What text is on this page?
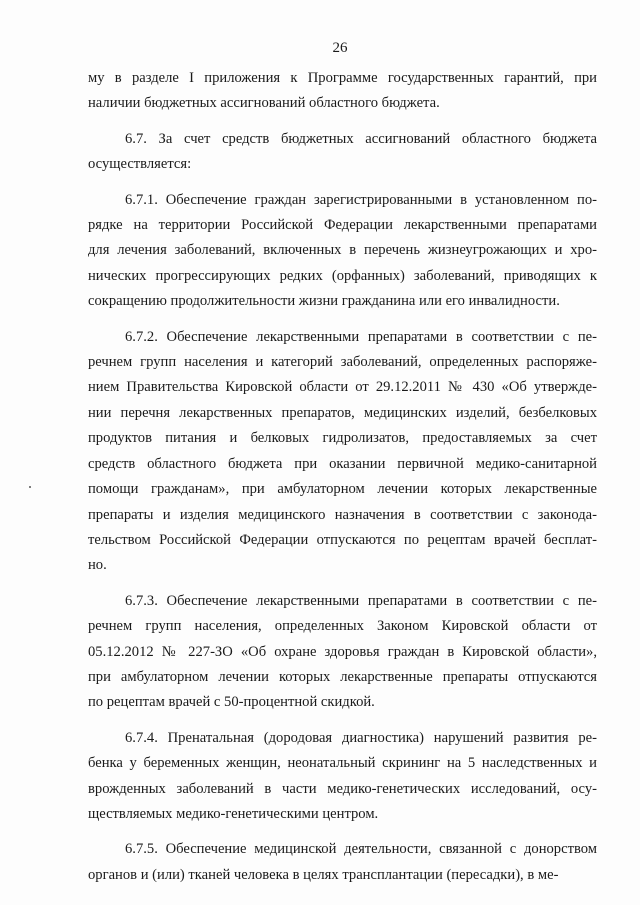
26

му в разделе I приложения к Программе государственных гарантий, при
наличии бюджетных ассигнований областного бюджета.

6.7. За счет средств бюджетных ассигнований областного бюджета
осуществляется:

6.7.1. Обеспечение граждан зарегистрированными в установленном по-
рядке на территории Российской Федерации лекарственными препаратами
для лечения заболеваний, включенных в перечень жизнеугрожающих и хро-
нических прогрессирующих редких (орфанных) заболеваний, приводящих к
сокращению продолжительности жизни гражданина или его инвалидности.

6.7.2. Обеспечение лекарственными препаратами в соответствии с пе-
речнем групп населения и категорий заболеваний, определенных распоряже-
нием Правительства Кировской области от 29.12.2011 № 430 «Об утвержде-
нии перечня лекарственных препаратов, медицинских изделий, безбелковых
продуктов питания и белковых гидролизатов, предоставляемых за счет
средств областного бюджета при оказании первичной медико-санитарной
помощи гражданам», при амбулаторном лечении которых лекарственные
препараты и изделия медицинского назначения в соответствии с законода-
тельством Российской Федерации отпускаются по рецептам врачей бесплат-
но.

6.7.3. Обеспечение лекарственными препаратами в соответствии с пе-
речнем групп населения, определенных Законом Кировской области от
05.12.2012 № 227-ЗО «Об охране здоровья граждан в Кировской области»,
при амбулаторном лечении которых лекарственные препараты отпускаются
по рецептам врачей с 50-процентной скидкой.

6.7.4. Пренатальная (дородовая диагностика) нарушений развития ре-
бенка у беременных женщин, неонатальный скрининг на 5 наследственных и
врожденных заболеваний в части медико-генетических исследований, осу-
ществляемых медико-генетическими центром.

6.7.5. Обеспечение медицинской деятельности, связанной с донорством
органов и (или) тканей человека в целях трансплантации (пересадки), в ме-
